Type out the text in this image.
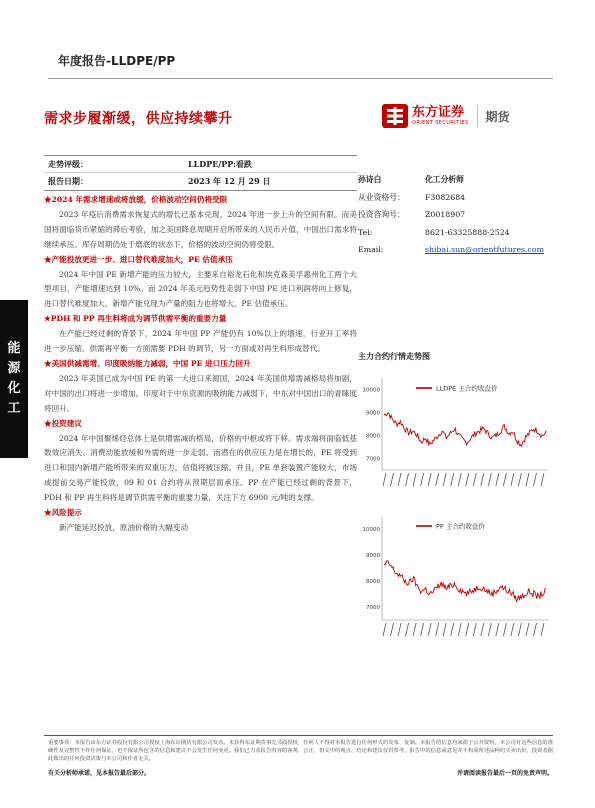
年度报告-LLDPE/PP
需求步履渐缓，供应持续攀升	东方证券
ORIENT SECURITIES 期货
走势评级：	LLDPE/PP:看跌
报告日期：	2023 年 12 月 29 日
★2024 年需求增速或将放缓，价格波动空间仍将受限
2023 年疫后消费需求恢复式的增长已基本兑现，2024 年进一步上升的空间有限。而美国将面临货币紧缩的滞后考验，加之美国降息周期开启所带来的人民币升值，中国出口需求将继续承压。库存周期仍处于磨底的状态下，价格的波动空间仍将受限。
★产能投放更进一步、进口替代难度加大，PE 估值承压
2024 年中国 PE 新增产能的压力较大，主要来自裕龙石化和埃克森美孚惠州化工两个大型项目，产能增速达到 10%。而 2024 年美元趋势性走弱下中国 PE 进口利润将向上修复，进口替代难度加大，新增产能兑现为产量的阻力也将增大，PE 估值承压。
★PDH 和 PP 再生料将成为调节供需平衡的重要力量
在产能已经过剩的背景下，2024 年中国 PP 产能仍有 10%以上的增速，行业开工率将进一步压缩。供需再平衡一方面需要 PDH 的调节，另一方面或对再生料形成替代。
★美国供减需增、印度吸纳能力减弱，中国 PE 进口压力回升
2023 年美国已成为中国 PE 的第一大进口来源国，2024 年美国供增需减格局将加剧，对中国的出口将进一步增加。印度对于中东资源的吸纳能力减弱下，中东对中国出口的青睐度将回升。
★投资建议
2024 年中国聚烯烃总体上是供增需减的格局，价格的中枢或将下移。需求端将面临低基数效应消失、消费动能放缓和外需的进一步走弱。而潜在的供应压力是在增长的，PE 将受到进口和国内新增产能所带来的双重压力，估值将被压缩。并且，PE 单套装置产能较大，市场或提前交易产能投放，09 和 01 合约将从预期层面承压。PP 在产能已经过剩的背景下，PDH 和 PP 再生料将是调节供需平衡的重要力量，关注下方 6900 元/吨的支撑。
★风险提示
新产能延迟投放，原油价格的大幅变动
能
源
化
工
孙诗白	化工分析师
从业资格号：	F3082684
投资咨询号：	Z0018907
Tel:	8621-63325888-2524
Email:	shibai.sun@orientfutures.com
主力合约行情走势图
10000
9000
8000
7000
LLDPE 主合约收盘价
10000
9000
8000
7000
PP 主合约收盘价
重要事项：本报告由东方证券股份有限公司授权上海东证期货有限公司发布。未获得东证期货事先书面授权，任何人不得对本报告进行任何形式的发布、复制。本报告的信息均来源于公开资料，本公司对这些信息的准确性及完整性不作任何保证，也不保证所包含的信息和建议不会发生任何变更。我们已力求报告内容的客观、公正，但文中的观点、结论和建议仅供参考，报告中的信息或意见并不构成所述品种的买卖出价，投资者据此做出的任何投资决策与本公司和作者无关。
有关分析师承诺，见本报告最后部分。	并请阅读报告最后一页的免责声明。
